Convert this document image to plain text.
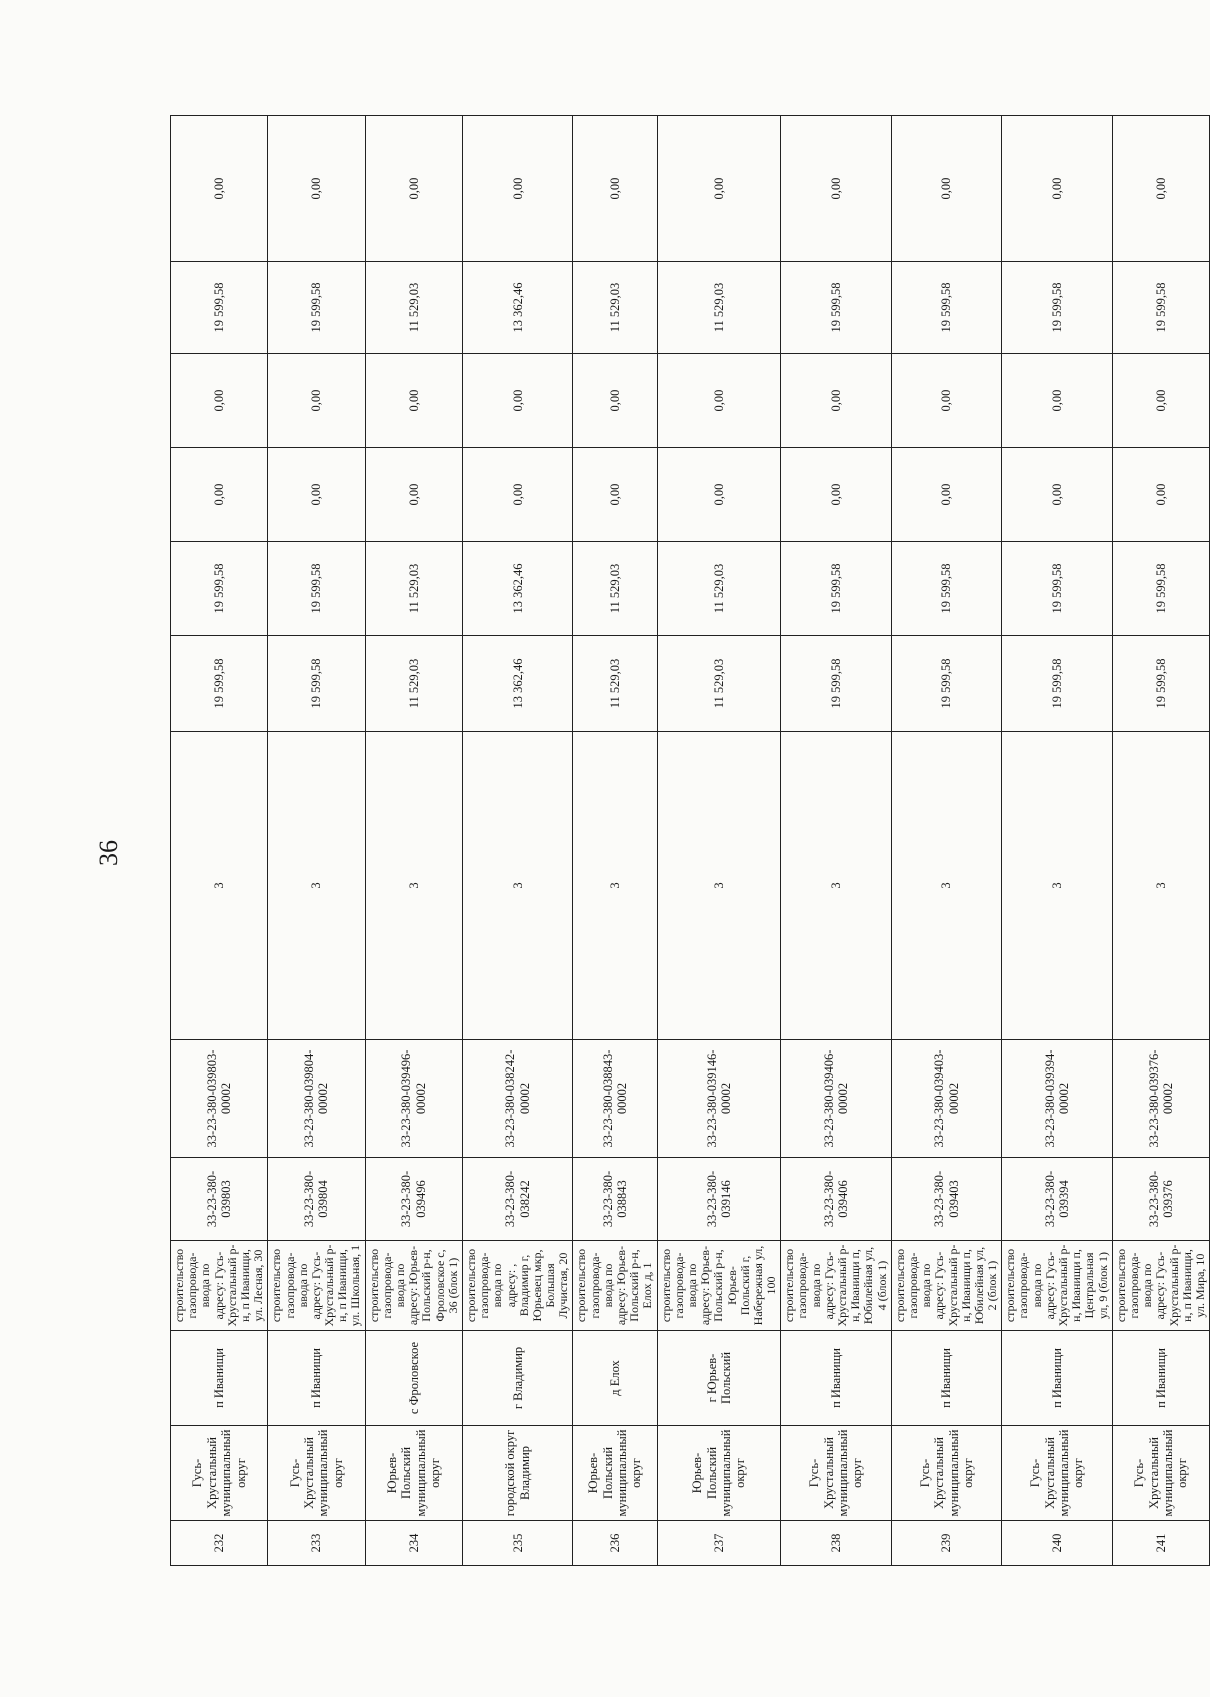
36
232	Гусь-Хрустальный муниципальный округ	п Иванищи	строительство газопровода-ввода по адресу: Гусь-Хрустальный р-н, п Иванищи, ул. Лесная, 30	33-23-380-039803	33-23-380-039803-00002	3	19 599,58	19 599,58	0,00	0,00	19 599,58	0,00
233	Гусь-Хрустальный муниципальный округ	п Иванищи	строительство газопровода-ввода по адресу: Гусь-Хрустальный р-н, п Иванищи, ул. Школьная, 1	33-23-380-039804	33-23-380-039804-00002	3	19 599,58	19 599,58	0,00	0,00	19 599,58	0,00
234	Юрьев-Польский муниципальный округ	с Фроловское	строительство газопровода-ввода по адресу: Юрьев-Польский р-н, Фроловское с, 36 (блок 1)	33-23-380-039496	33-23-380-039496-00002	3	11 529,03	11 529,03	0,00	0,00	11 529,03	0,00
235	городской округ Владимир	г Владимир	строительство газопровода-ввода по адресу: , Владимир г, Юрьевец мкр, Большая Лучистая, 20	33-23-380-038242	33-23-380-038242-00002	3	13 362,46	13 362,46	0,00	0,00	13 362,46	0,00
236	Юрьев-Польский муниципальный округ	д Елох	строительство газопровода-ввода по адресу: Юрьев-Польский р-н, Елох д, 1	33-23-380-038843	33-23-380-038843-00002	3	11 529,03	11 529,03	0,00	0,00	11 529,03	0,00
237	Юрьев-Польский муниципальный округ	г Юрьев-Польский	строительство газопровода-ввода по адресу: Юрьев-Польский р-н, Юрьев-Польский г, Набережная ул, 100	33-23-380-039146	33-23-380-039146-00002	3	11 529,03	11 529,03	0,00	0,00	11 529,03	0,00
238	Гусь-Хрустальный муниципальный округ	п Иванищи	строительство газопровода-ввода по адресу: Гусь-Хрустальный р-н, Иванищи п, Юбилейная ул, 4 (блок 1)	33-23-380-039406	33-23-380-039406-00002	3	19 599,58	19 599,58	0,00	0,00	19 599,58	0,00
239	Гусь-Хрустальный муниципальный округ	п Иванищи	строительство газопровода-ввода по адресу: Гусь-Хрустальный р-н, Иванищи п, Юбилейная ул, 2 (блок 1)	33-23-380-039403	33-23-380-039403-00002	3	19 599,58	19 599,58	0,00	0,00	19 599,58	0,00
240	Гусь-Хрустальный муниципальный округ	п Иванищи	строительство газопровода-ввода по адресу: Гусь-Хрустальный р-н, Иванищи п, Центральная ул, 9 (блок 1)	33-23-380-039394	33-23-380-039394-00002	3	19 599,58	19 599,58	0,00	0,00	19 599,58	0,00
241	Гусь-Хрустальный муниципальный округ	п Иванищи	строительство газопровода-ввода по адресу: Гусь-Хрустальный р-н, п Иванищи, ул. Мира, 10	33-23-380-039376	33-23-380-039376-00002	3	19 599,58	19 599,58	0,00	0,00	19 599,58	0,00
